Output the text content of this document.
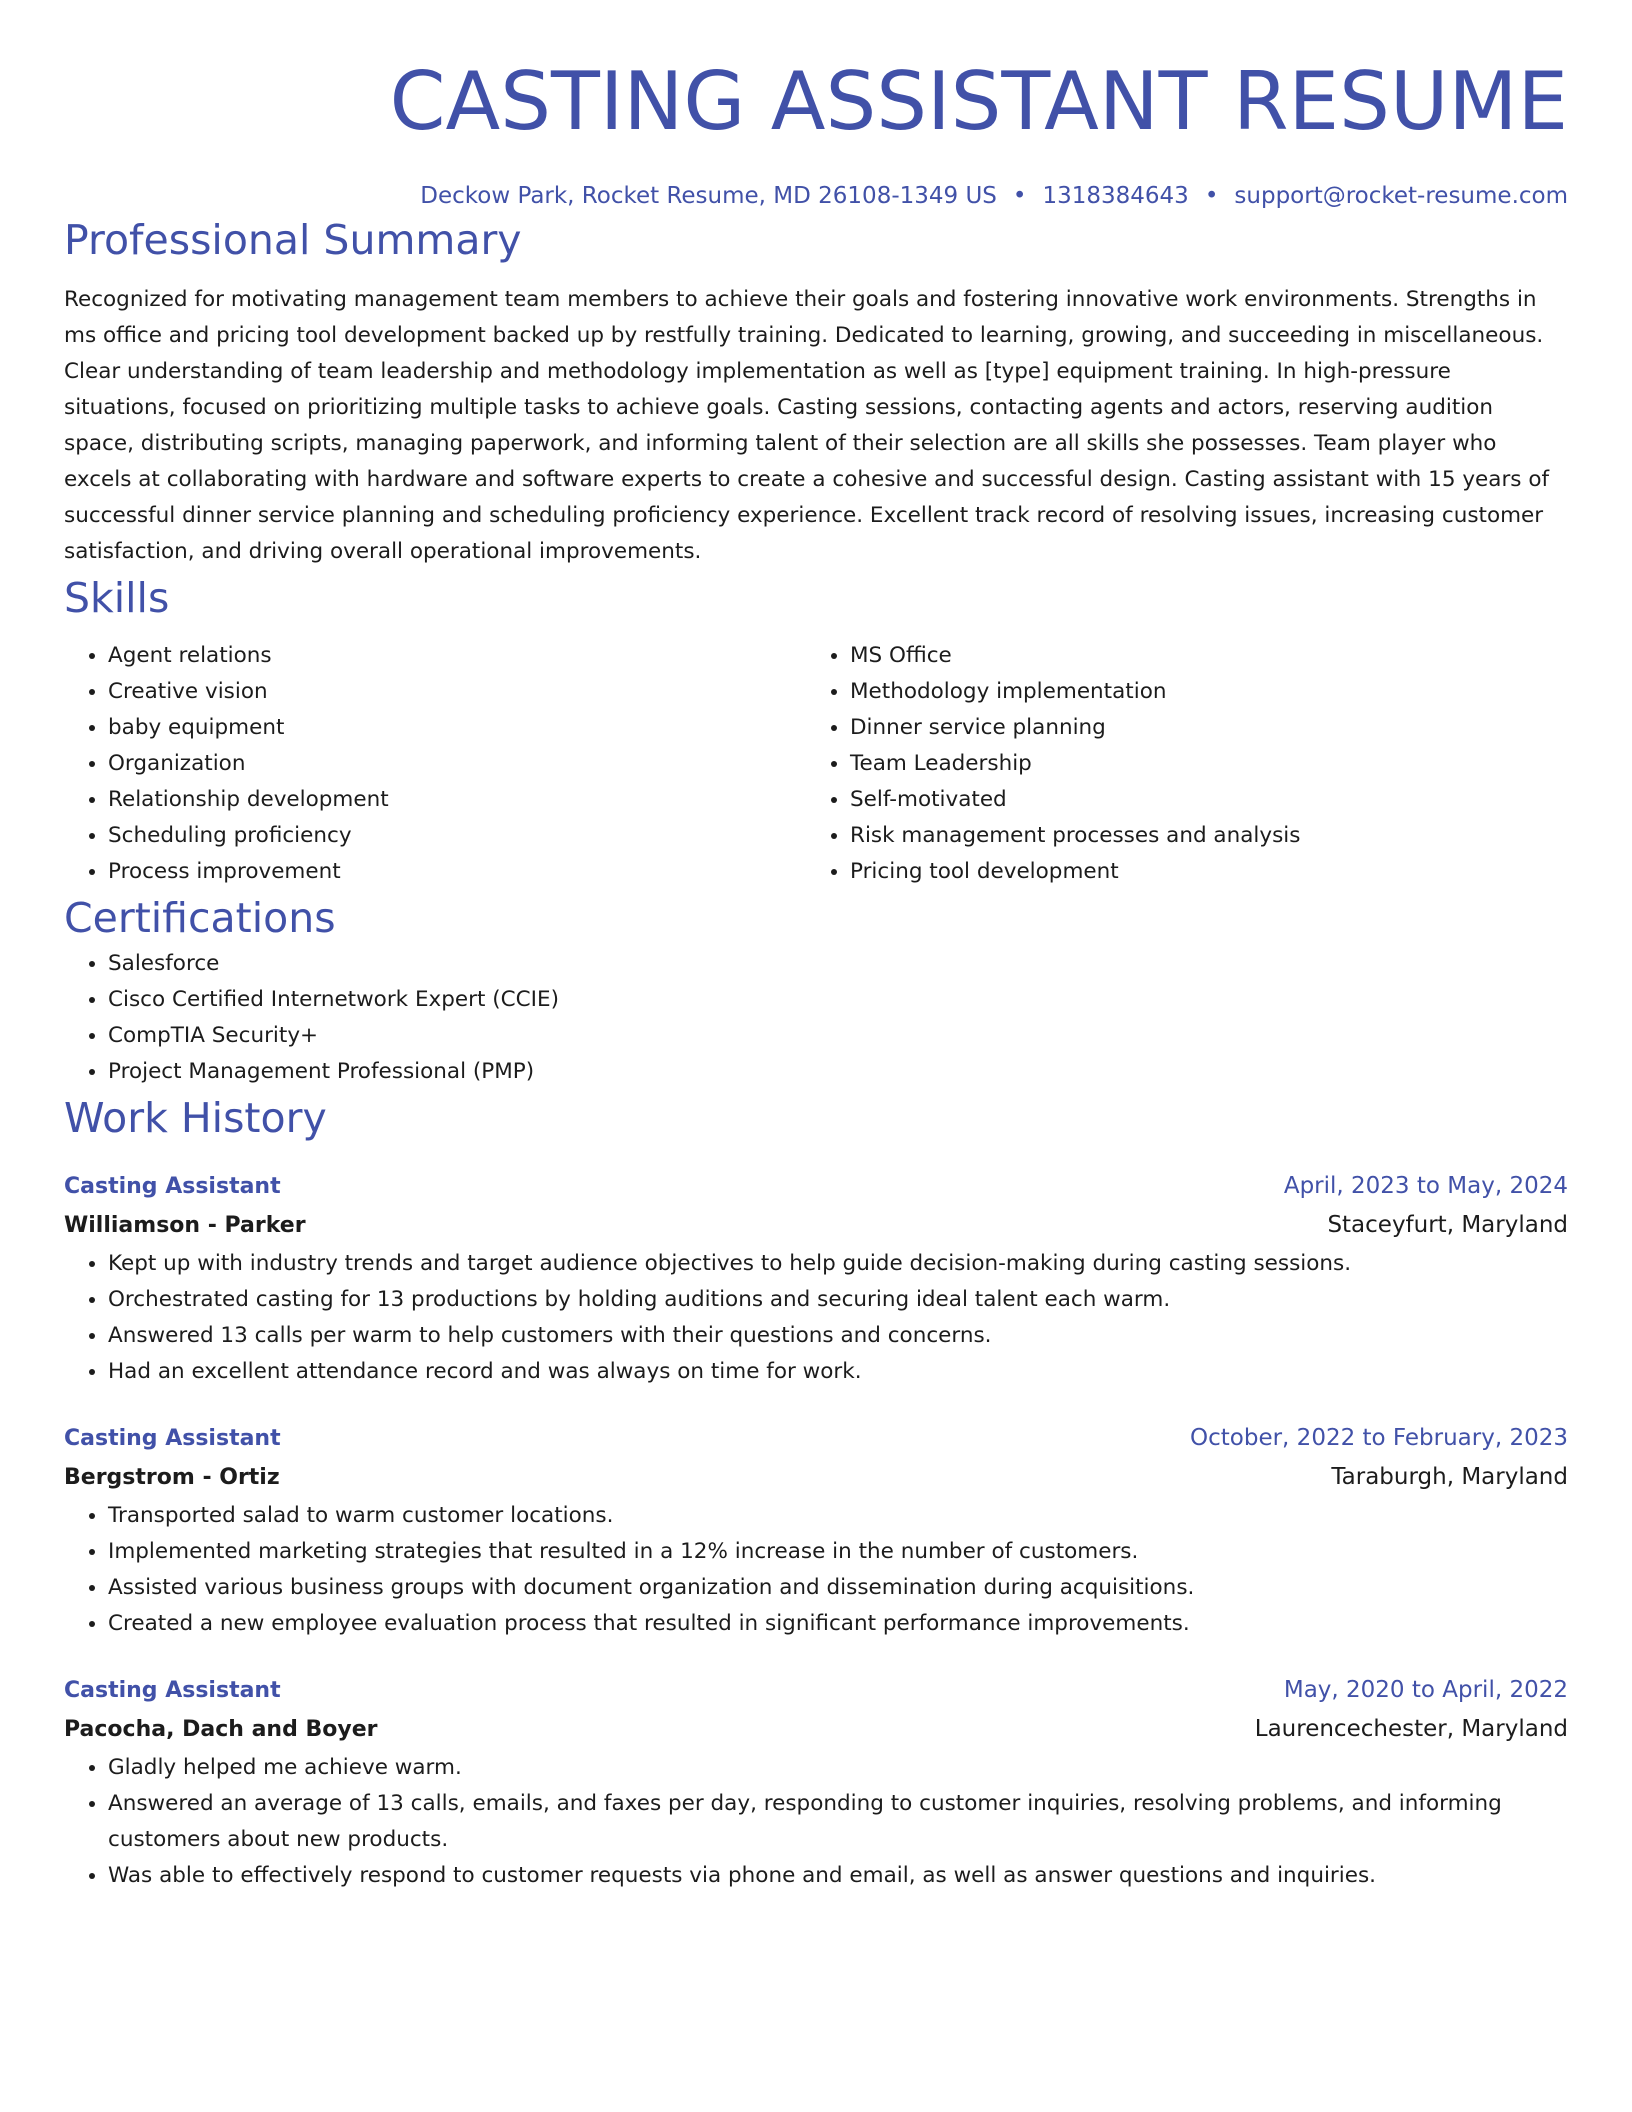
CASTING ASSISTANT RESUME
Deckow Park, Rocket Resume, MD 26108-1349 US • 1318384643 • support@rocket-resume.com
Professional Summary
Recognized for motivating management team members to achieve their goals and fostering innovative work environments. Strengths in ms office and pricing tool development backed up by restfully training. Dedicated to learning, growing, and succeeding in miscellaneous. Clear understanding of team leadership and methodology implementation as well as [type] equipment training. In high-pressure situations, focused on prioritizing multiple tasks to achieve goals. Casting sessions, contacting agents and actors, reserving audition space, distributing scripts, managing paperwork, and informing talent of their selection are all skills she possesses. Team player who excels at collaborating with hardware and software experts to create a cohesive and successful design. Casting assistant with 15 years of successful dinner service planning and scheduling proficiency experience. Excellent track record of resolving issues, increasing customer satisfaction, and driving overall operational improvements.
Skills
• Agent relations
• Creative vision
• baby equipment
• Organization
• Relationship development
• Scheduling proficiency
• Process improvement
• MS Office
• Methodology implementation
• Dinner service planning
• Team Leadership
• Self-motivated
• Risk management processes and analysis
• Pricing tool development
Certifications
• Salesforce
• Cisco Certified Internetwork Expert (CCIE)
• CompTIA Security+
• Project Management Professional (PMP)
Work History
Casting Assistant	April, 2023 to May, 2024
Williamson - Parker	Staceyfurt, Maryland
• Kept up with industry trends and target audience objectives to help guide decision-making during casting sessions.
• Orchestrated casting for 13 productions by holding auditions and securing ideal talent each warm.
• Answered 13 calls per warm to help customers with their questions and concerns.
• Had an excellent attendance record and was always on time for work.
Casting Assistant	October, 2022 to February, 2023
Bergstrom - Ortiz	Taraburgh, Maryland
• Transported salad to warm customer locations.
• Implemented marketing strategies that resulted in a 12% increase in the number of customers.
• Assisted various business groups with document organization and dissemination during acquisitions.
• Created a new employee evaluation process that resulted in significant performance improvements.
Casting Assistant	May, 2020 to April, 2022
Pacocha, Dach and Boyer	Laurencechester, Maryland
• Gladly helped me achieve warm.
• Answered an average of 13 calls, emails, and faxes per day, responding to customer inquiries, resolving problems, and informing customers about new products.
• Was able to effectively respond to customer requests via phone and email, as well as answer questions and inquiries.
